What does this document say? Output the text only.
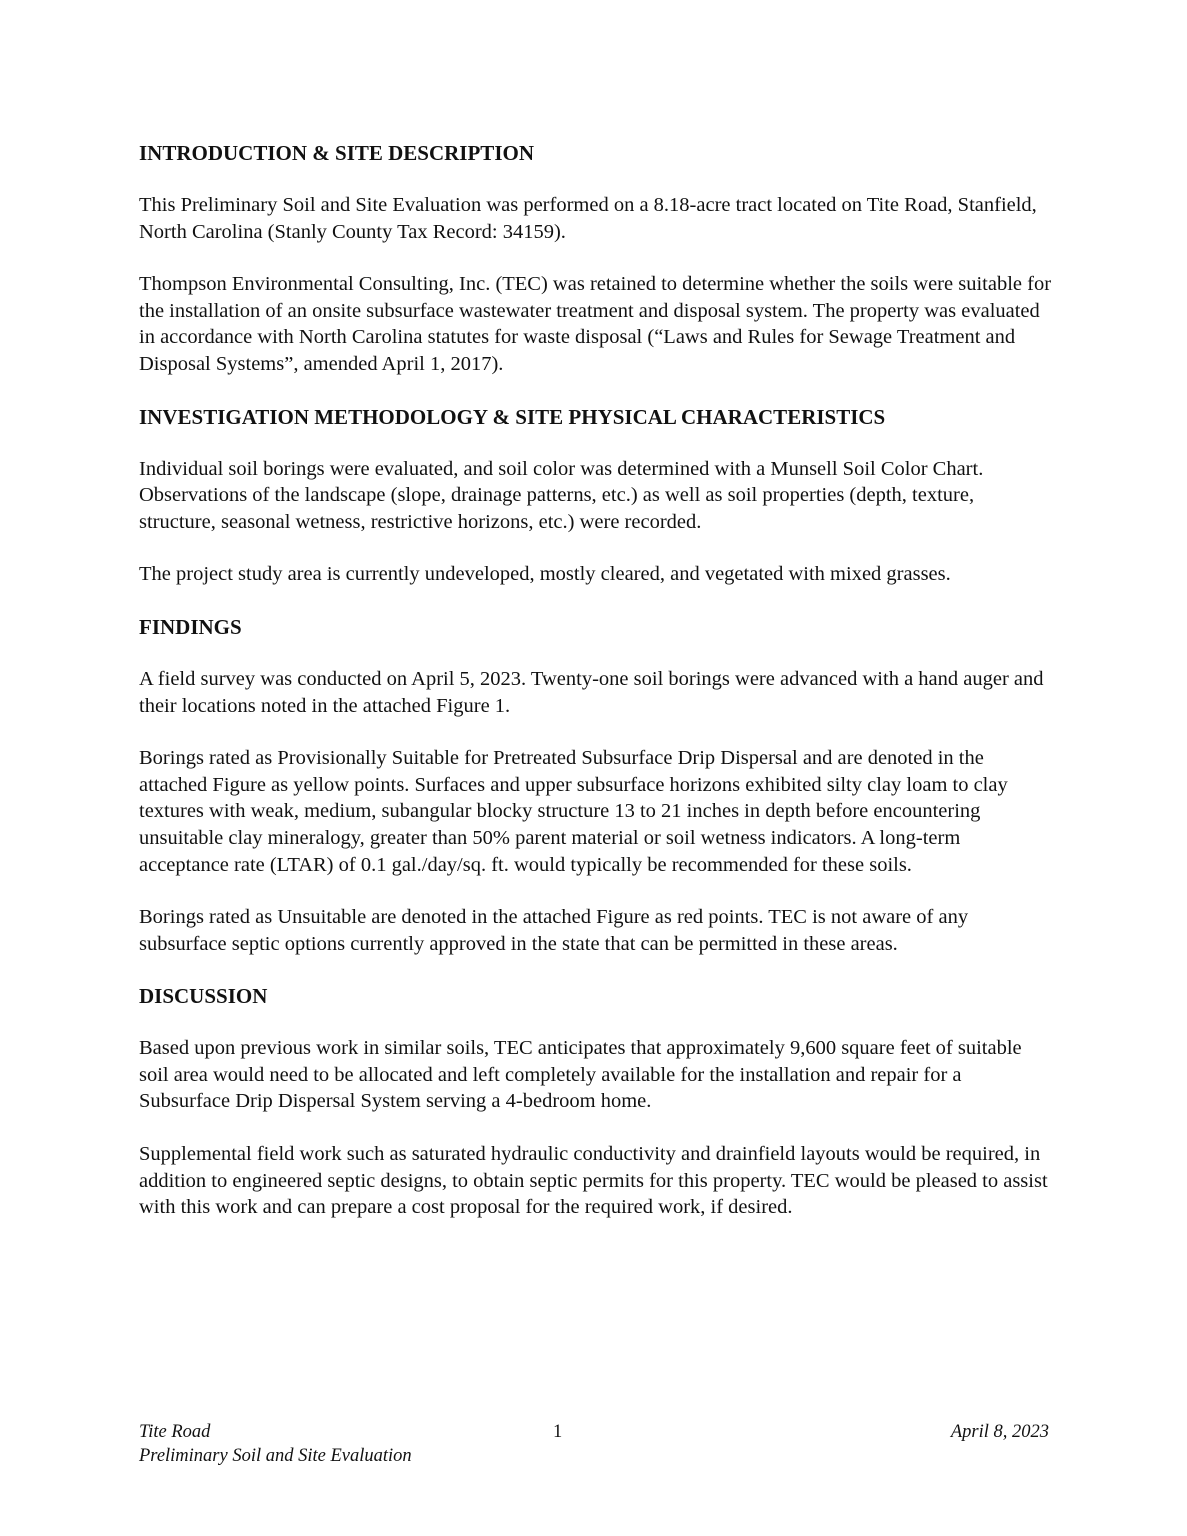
INTRODUCTION & SITE DESCRIPTION

This Preliminary Soil and Site Evaluation was performed on a 8.18-acre tract located on Tite Road, Stanfield, North Carolina (Stanly County Tax Record: 34159).

Thompson Environmental Consulting, Inc. (TEC) was retained to determine whether the soils were suitable for the installation of an onsite subsurface wastewater treatment and disposal system. The property was evaluated in accordance with North Carolina statutes for waste disposal (“Laws and Rules for Sewage Treatment and Disposal Systems”, amended April 1, 2017).

INVESTIGATION METHODOLOGY & SITE PHYSICAL CHARACTERISTICS

Individual soil borings were evaluated, and soil color was determined with a Munsell Soil Color Chart. Observations of the landscape (slope, drainage patterns, etc.) as well as soil properties (depth, texture, structure, seasonal wetness, restrictive horizons, etc.) were recorded.

The project study area is currently undeveloped, mostly cleared, and vegetated with mixed grasses.

FINDINGS

A field survey was conducted on April 5, 2023. Twenty-one soil borings were advanced with a hand auger and their locations noted in the attached Figure 1.

Borings rated as Provisionally Suitable for Pretreated Subsurface Drip Dispersal and are denoted in the attached Figure as yellow points. Surfaces and upper subsurface horizons exhibited silty clay loam to clay textures with weak, medium, subangular blocky structure 13 to 21 inches in depth before encountering unsuitable clay mineralogy, greater than 50% parent material or soil wetness indicators. A long-term acceptance rate (LTAR) of 0.1 gal./day/sq. ft. would typically be recommended for these soils.

Borings rated as Unsuitable are denoted in the attached Figure as red points. TEC is not aware of any subsurface septic options currently approved in the state that can be permitted in these areas.

DISCUSSION

Based upon previous work in similar soils, TEC anticipates that approximately 9,600 square feet of suitable soil area would need to be allocated and left completely available for the installation and repair for a Subsurface Drip Dispersal System serving a 4-bedroom home.

Supplemental field work such as saturated hydraulic conductivity and drainfield layouts would be required, in addition to engineered septic designs, to obtain septic permits for this property. TEC would be pleased to assist with this work and can prepare a cost proposal for the required work, if desired.

Tite Road
Preliminary Soil and Site Evaluation
1	April 8, 2023
